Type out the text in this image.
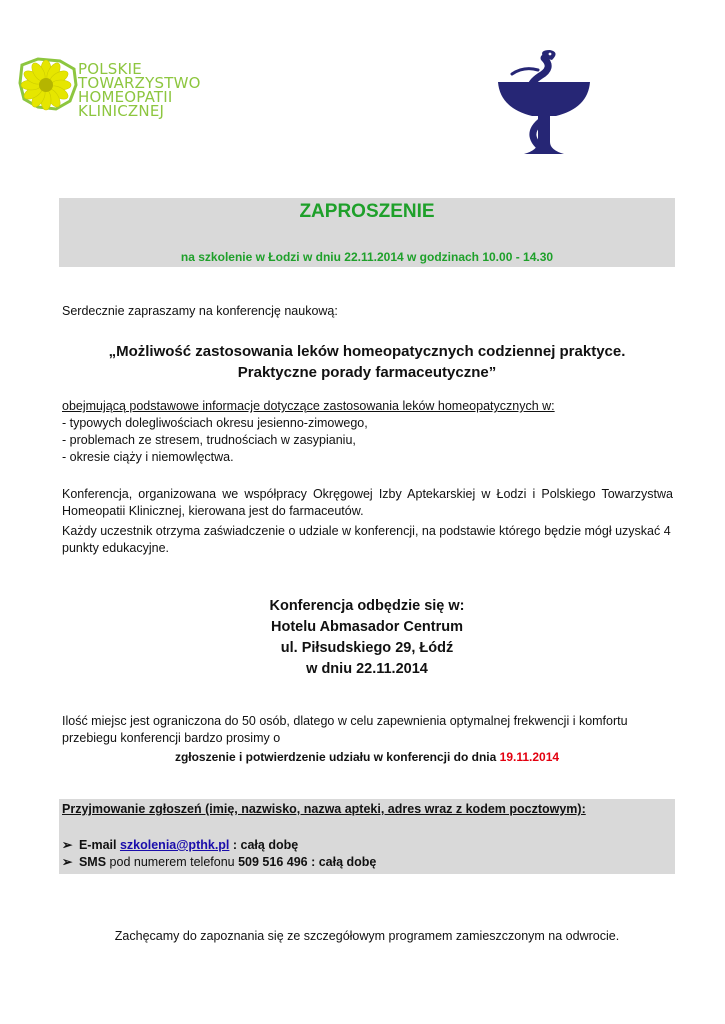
POLSKIE
TOWARZYSTWO
HOMEOPATII
KLINICZNEJ
ZAPROSZENIE
na szkolenie w Łodzi w dniu 22.11.2014 w godzinach 10.00 - 14.30
Serdecznie zapraszamy na konferencję naukową:
„Możliwość zastosowania leków homeopatycznych codziennej praktyce.
Praktyczne porady farmaceutyczne”
obejmującą podstawowe informacje dotyczące zastosowania leków homeopatycznych w:
- typowych dolegliwościach okresu jesienno-zimowego,
- problemach ze stresem, trudnościach w zasypianiu,
- okresie ciąży i niemowlęctwa.
Konferencja, organizowana we współpracy Okręgowej Izby Aptekarskiej w Łodzi i Polskiego Towarzystwa Homeopatii Klinicznej, kierowana jest do farmaceutów.
Każdy uczestnik otrzyma zaświadczenie o udziale w konferencji, na podstawie którego będzie mógł uzyskać 4 punkty edukacyjne.
Konferencja odbędzie się w:
Hotelu Abmasador Centrum
ul. Piłsudskiego 29, Łódź
w dniu 22.11.2014
Ilość miejsc jest ograniczona do 50 osób, dlatego w celu zapewnienia optymalnej frekwencji i komfortu przebiegu konferencji bardzo prosimy o
zgłoszenie i potwierdzenie udziału w konferencji do dnia 19.11.2014
Przyjmowanie zgłoszeń (imię, nazwisko, nazwa apteki, adres wraz z kodem pocztowym):
➢ E-mail szkolenia@pthk.pl : całą dobę
➢ SMS pod numerem telefonu 509 516 496 : całą dobę
Zachęcamy do zapoznania się ze szczegółowym programem zamieszczonym na odwrocie.
